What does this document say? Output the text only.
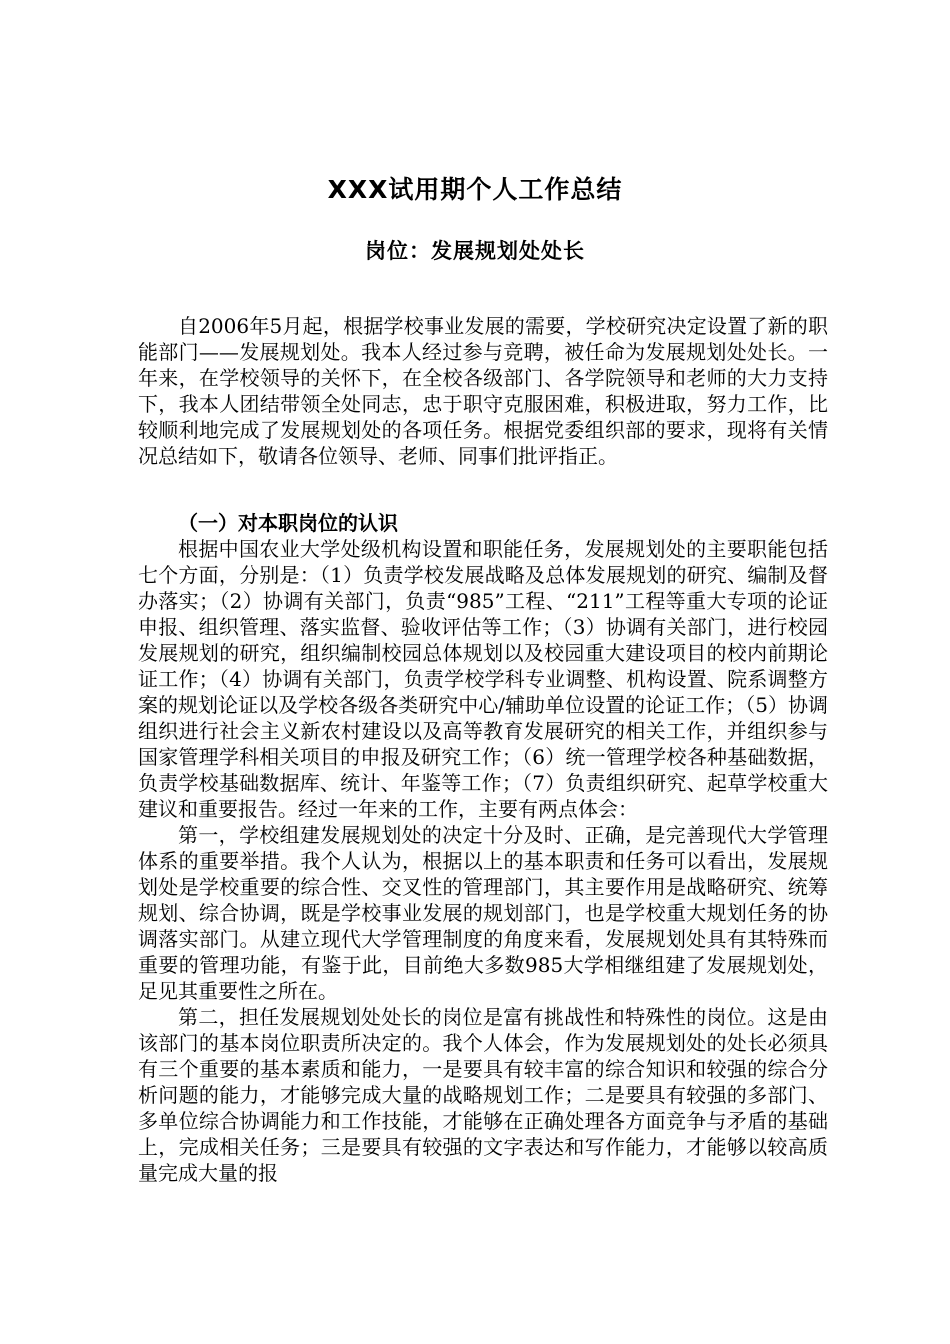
XXX试用期个人工作总结
岗位：发展规划处处长

自2006年5月起，根据学校事业发展的需要，学校研究决定设置了新的职能部门——发展规划处。我本人经过参与竞聘，被任命为发展规划处处长。一年来，在学校领导的关怀下，在全校各级部门、各学院领导和老师的大力支持下，我本人团结带领全处同志，忠于职守克服困难，积极进取，努力工作，比较顺利地完成了发展规划处的各项任务。根据党委组织部的要求，现将有关情况总结如下，敬请各位领导、老师、同事们批评指正。

（一）对本职岗位的认识

根据中国农业大学处级机构设置和职能任务，发展规划处的主要职能包括七个方面，分别是：（1）负责学校发展战略及总体发展规划的研究、编制及督办落实；（2）协调有关部门，负责“985”工程、“211”工程等重大专项的论证申报、组织管理、落实监督、验收评估等工作；（3）协调有关部门，进行校园发展规划的研究，组织编制校园总体规划以及校园重大建设项目的校内前期论证工作；（4）协调有关部门，负责学校学科专业调整、机构设置、院系调整方案的规划论证以及学校各级各类研究中心/辅助单位设置的论证工作；（5）协调组织进行社会主义新农村建设以及高等教育发展研究的相关工作，并组织参与国家管理学科相关项目的申报及研究工作；（6）统一管理学校各种基础数据，负责学校基础数据库、统计、年鉴等工作；（7）负责组织研究、起草学校重大建议和重要报告。经过一年来的工作，主要有两点体会：

第一，学校组建发展规划处的决定十分及时、正确，是完善现代大学管理体系的重要举措。我个人认为，根据以上的基本职责和任务可以看出，发展规划处是学校重要的综合性、交叉性的管理部门，其主要作用是战略研究、统筹规划、综合协调，既是学校事业发展的规划部门，也是学校重大规划任务的协调落实部门。从建立现代大学管理制度的角度来看，发展规划处具有其特殊而重要的管理功能，有鉴于此，目前绝大多数985大学相继组建了发展规划处，足见其重要性之所在。

第二，担任发展规划处处长的岗位是富有挑战性和特殊性的岗位。这是由该部门的基本岗位职责所决定的。我个人体会，作为发展规划处的处长必须具有三个重要的基本素质和能力，一是要具有较丰富的综合知识和较强的综合分析问题的能力，才能够完成大量的战略规划工作；二是要具有较强的多部门、多单位综合协调能力和工作技能，才能够在正确处理各方面竞争与矛盾的基础上，完成相关任务；三是要具有较强的文字表达和写作能力，才能够以较高质量完成大量的报
